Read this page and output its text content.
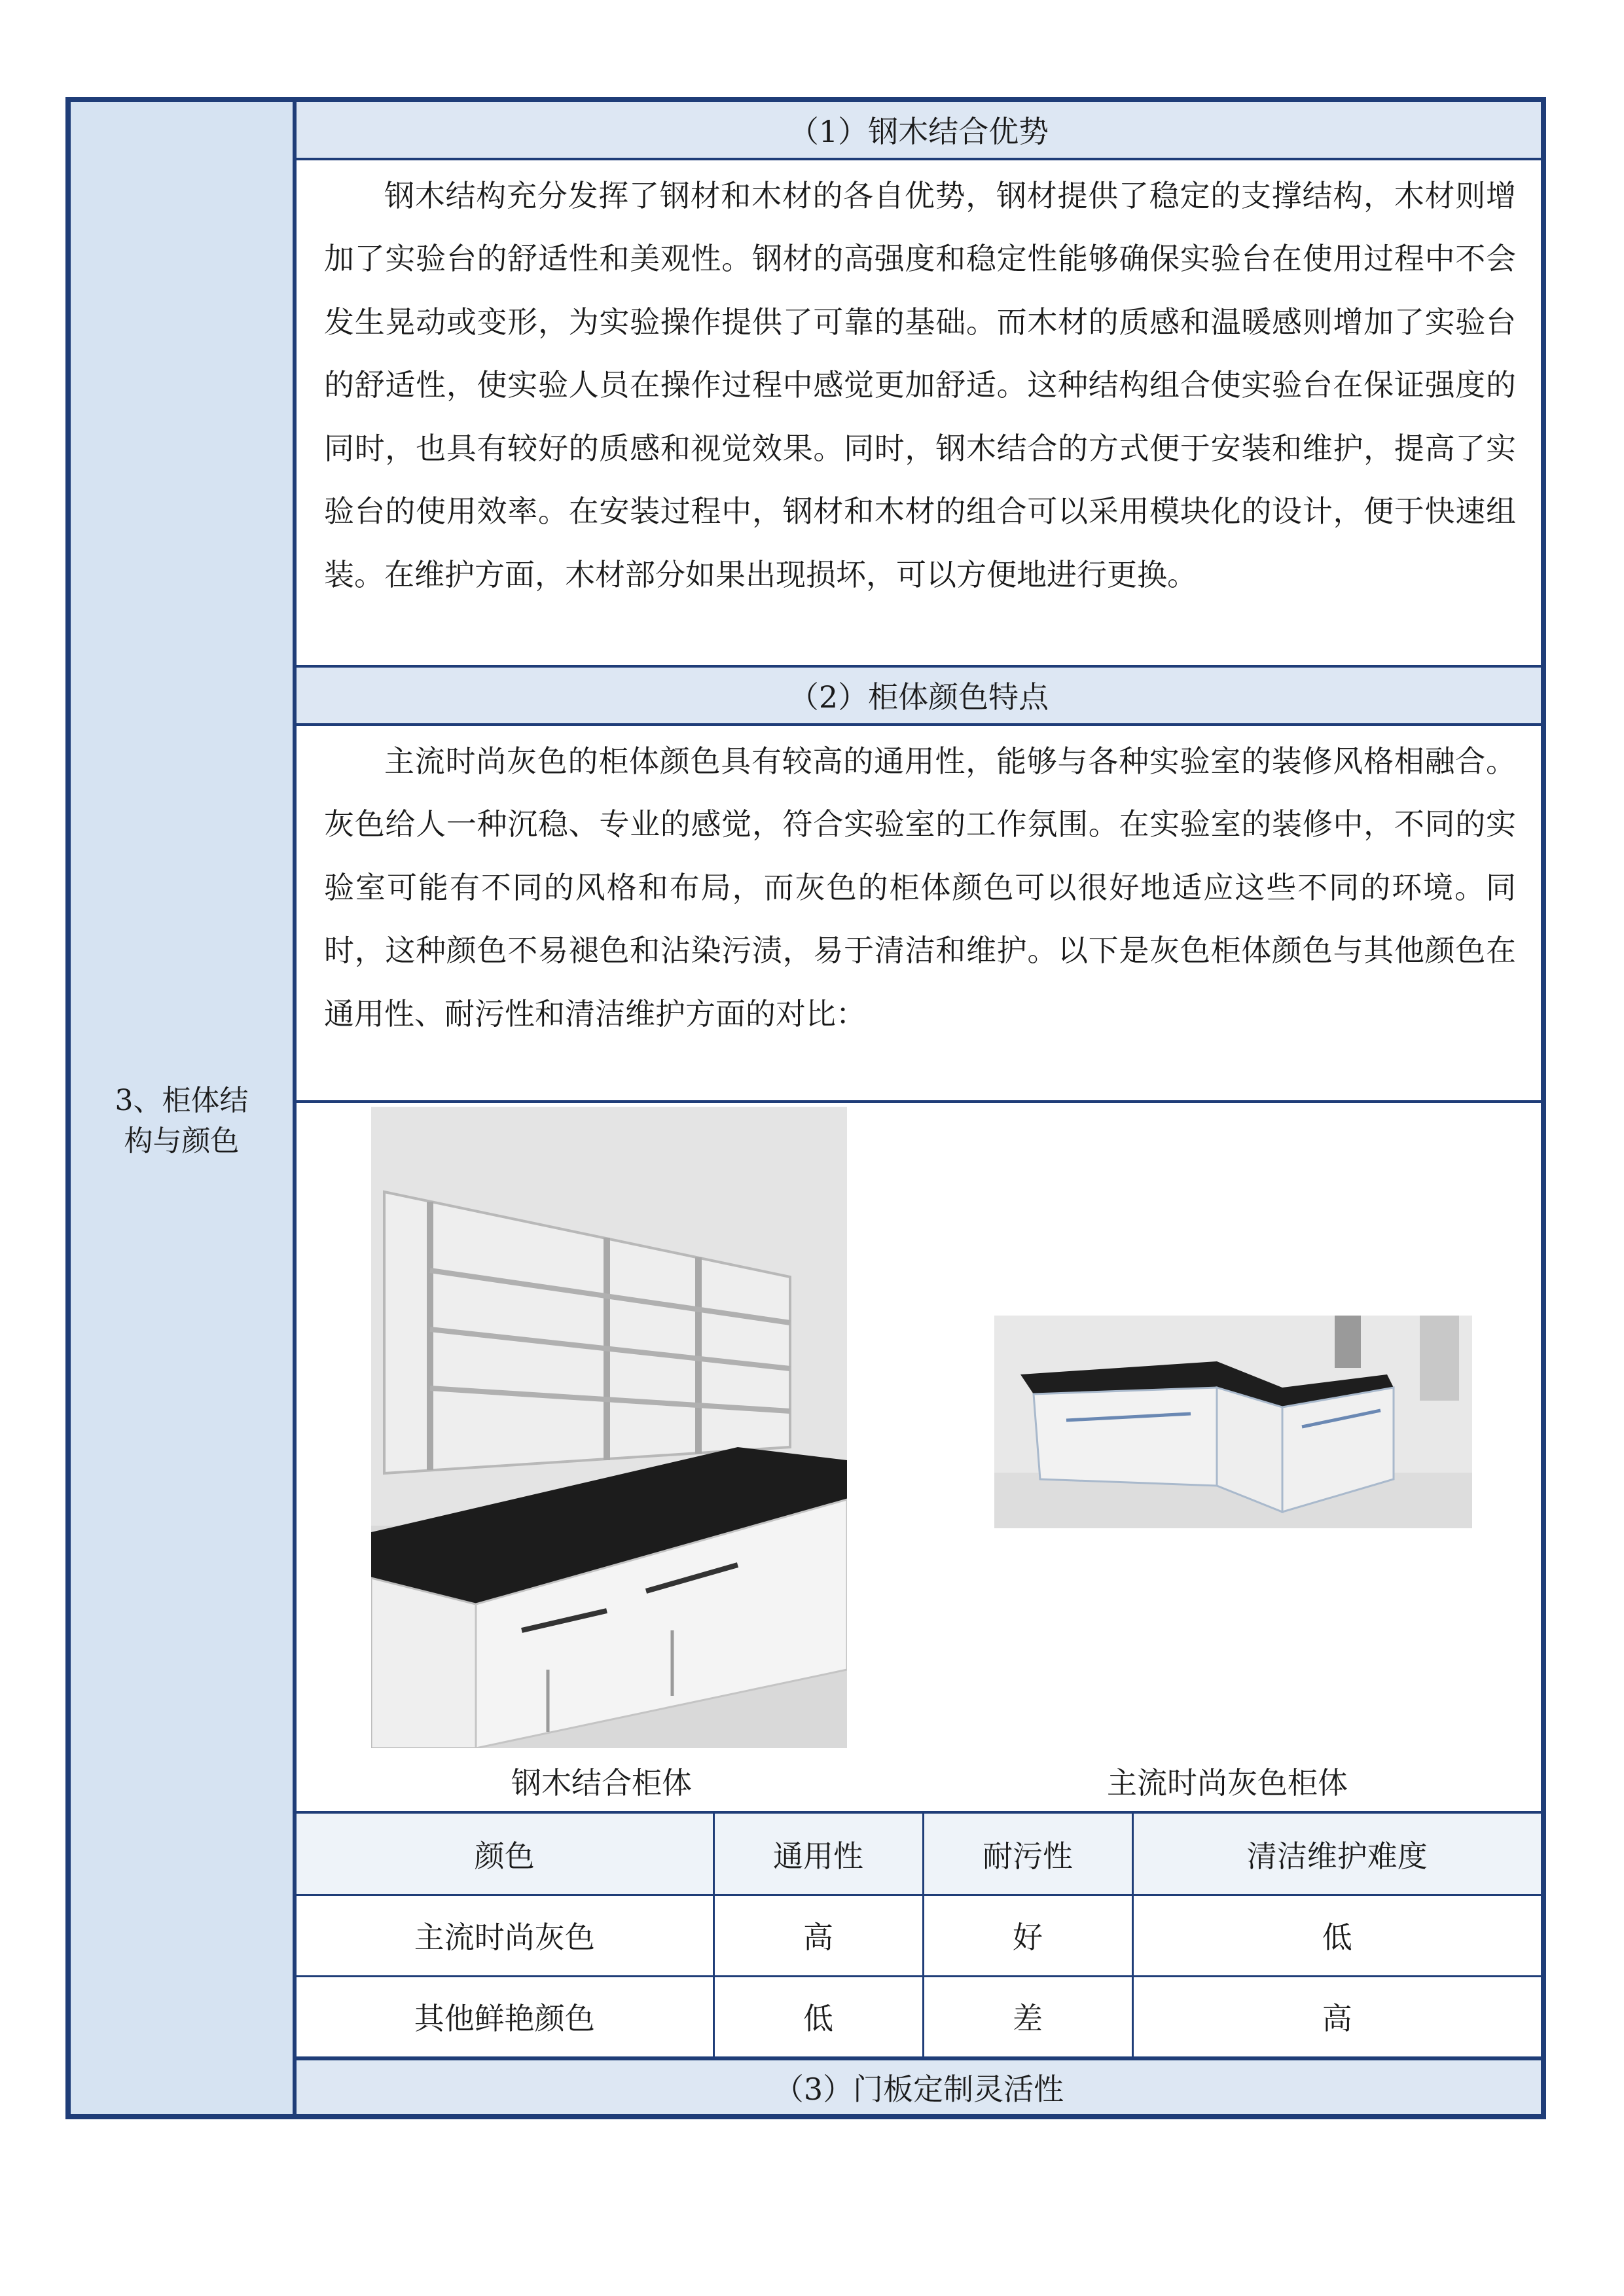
3、柜体结构与颜色
（1）钢木结合优势
钢木结构充分发挥了钢材和木材的各自优势，钢材提供了稳定的支撑结构，木材则增加了实验台的舒适性和美观性。钢材的高强度和稳定性能够确保实验台在使用过程中不会发生晃动或变形，为实验操作提供了可靠的基础。而木材的质感和温暖感则增加了实验台的舒适性，使实验人员在操作过程中感觉更加舒适。这种结构组合使实验台在保证强度的同时，也具有较好的质感和视觉效果。同时，钢木结合的方式便于安装和维护，提高了实验台的使用效率。在安装过程中，钢材和木材的组合可以采用模块化的设计，便于快速组装。在维护方面，木材部分如果出现损坏，可以方便地进行更换。
（2）柜体颜色特点
主流时尚灰色的柜体颜色具有较高的通用性，能够与各种实验室的装修风格相融合。灰色给人一种沉稳、专业的感觉，符合实验室的工作氛围。在实验室的装修中，不同的实验室可能有不同的风格和布局，而灰色的柜体颜色可以很好地适应这些不同的环境。同时，这种颜色不易褪色和沾染污渍，易于清洁和维护。以下是灰色柜体颜色与其他颜色在通用性、耐污性和清洁维护方面的对比：
钢木结合柜体	主流时尚灰色柜体
颜色	通用性	耐污性	清洁维护难度
主流时尚灰色	高	好	低
其他鲜艳颜色	低	差	高
（3）门板定制灵活性
